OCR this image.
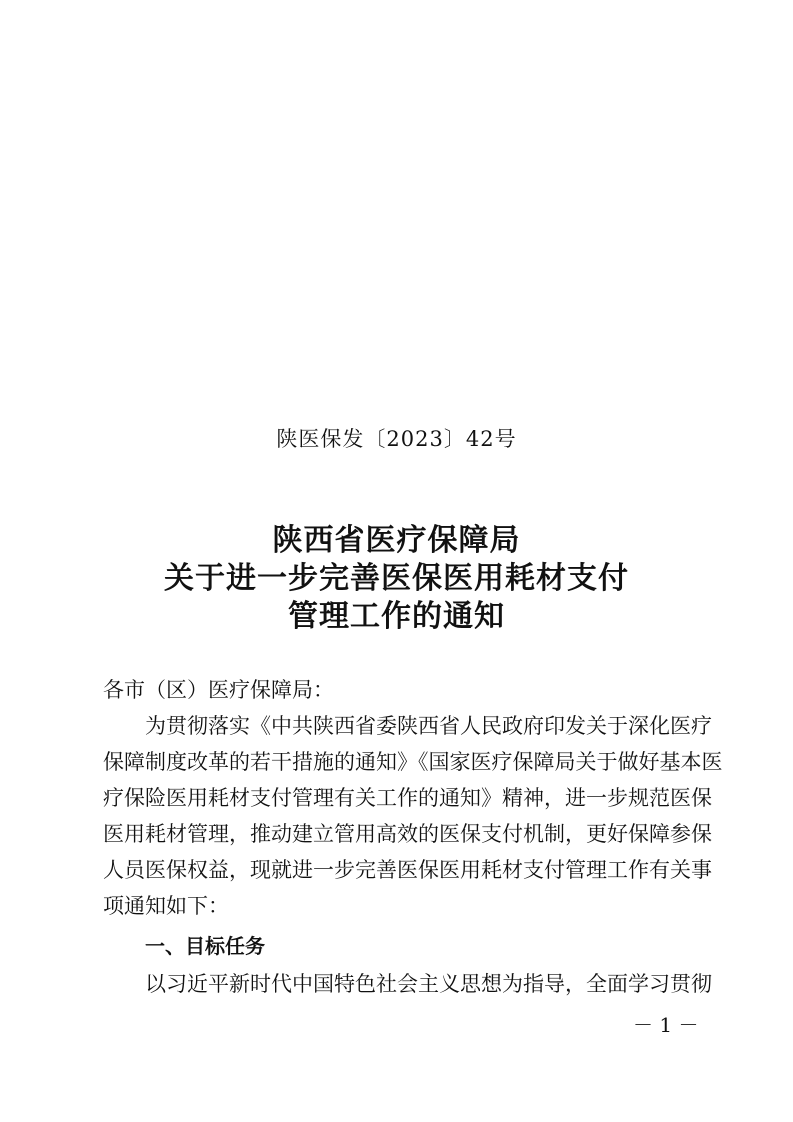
陕医保发〔2023〕42号
陕西省医疗保障局
关于进一步完善医保医用耗材支付
管理工作的通知
各市（区）医疗保障局：
为贯彻落实《中共陕西省委陕西省人民政府印发关于深化医疗
保障制度改革的若干措施的通知》《国家医疗保障局关于做好基本医
疗保险医用耗材支付管理有关工作的通知》精神，进一步规范医保
医用耗材管理，推动建立管用高效的医保支付机制，更好保障参保
人员医保权益，现就进一步完善医保医用耗材支付管理工作有关事
项通知如下：
一、目标任务
以习近平新时代中国特色社会主义思想为指导，全面学习贯彻
－ 1 －
